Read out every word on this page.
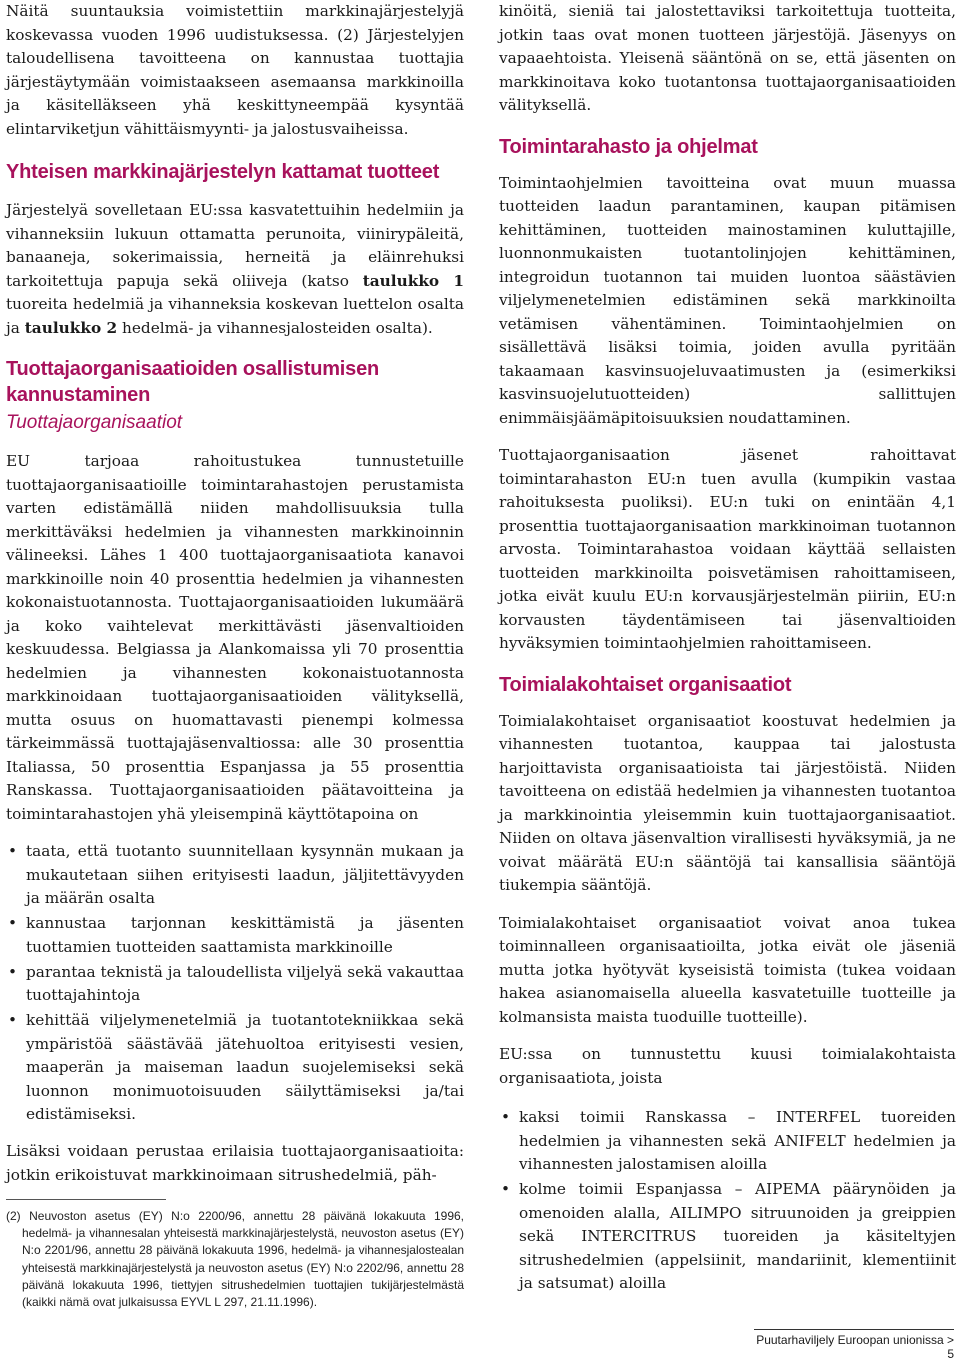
Näitä suuntauksia voimistettiin markkinajärjestelyjä koskevassa vuoden 1996 uudistuksessa. (2) Järjestelyjen taloudellisena tavoitteena on kannustaa tuottajia järjestäytymään voimistaakseen asemaansa markkinoilla ja käsitelläkseen yhä keskittyneempää kysyntää elintarviketjun vähittäismyynti- ja jalostusvaiheissa.

Yhteisen markkinajärjestelyn kattamat tuotteet

Järjestelyä sovelletaan EU:ssa kasvatettuihin hedelmiin ja vihanneksiin lukuun ottamatta perunoita, viinirypäleitä, banaaneja, sokerimaissia, herneitä ja eläinrehuksi tarkoitettuja papuja sekä oliiveja (katso taulukko 1 tuoreita hedelmiä ja vihanneksia koskevan luettelon osalta ja taulukko 2 hedelmä- ja vihannesjalosteiden osalta).

Tuottajaorganisaatioiden osallistumisen kannustaminen
Tuottajaorganisaatiot

EU tarjoaa rahoitustukea tunnustetuille tuottajaorganisaatioille toimintarahastojen perustamista varten edistämällä niiden mahdollisuuksia tulla merkittäväksi hedelmien ja vihannesten markkinoinnin välineeksi. Lähes 1 400 tuottajaorganisaatiota kanavoi markkinoille noin 40 prosenttia hedelmien ja vihannesten kokonaistuotannosta. Tuottajaorganisaatioiden lukumäärä ja koko vaihtelevat merkittävästi jäsenvaltioiden keskuudessa. Belgiassa ja Alankomaissa yli 70 prosenttia hedelmien ja vihannesten kokonaistuotannosta markkinoidaan tuottajaorganisaatioiden välityksellä, mutta osuus on huomattavasti pienempi kolmessa tärkeimmässä tuottajajäsenvaltiossa: alle 30 prosenttia Italiassa, 50 prosenttia Espanjassa ja 55 prosenttia Ranskassa. Tuottajaorganisaatioiden päätavoitteina ja toimintarahastojen yhä yleisempinä käyttötapoina on

• taata, että tuotanto suunnitellaan kysynnän mukaan ja mukautetaan siihen erityisesti laadun, jäljitettävyyden ja määrän osalta
• kannustaa tarjonnan keskittämistä ja jäsenten tuottamien tuotteiden saattamista markkinoille
• parantaa teknistä ja taloudellista viljelyä sekä vakauttaa tuottajahintoja
• kehittää viljelymenetelmiä ja tuotantotekniikkaa sekä ympäristöä säästävää jätehuoltoa erityisesti vesien, maaperän ja maiseman laadun suojelemiseksi sekä luonnon monimuotoisuuden säilyttämiseksi ja/tai edistämiseksi.

Lisäksi voidaan perustaa erilaisia tuottajaorganisaatioita: jotkin erikoistuvat markkinoimaan sitrushedelmiä, päh-

(2) Neuvoston asetus (EY) N:o 2200/96, annettu 28 päivänä lokakuuta 1996, hedelmä- ja vihannesalan yhteisestä markkinajärjestelystä, neuvoston asetus (EY) N:o 2201/96, annettu 28 päivänä lokakuuta 1996, hedelmä- ja vihannesjalostealan yhteisestä markkinajärjestelystä ja neuvoston asetus (EY) N:o 2202/96, annettu 28 päivänä lokakuuta 1996, tiettyjen sitrushedelmien tuottajien tukijärjestelmästä (kaikki nämä ovat julkaisussa EYVL L 297, 21.11.1996).

kinöitä, sieniä tai jalostettaviksi tarkoitettuja tuotteita, jotkin taas ovat monen tuotteen järjestöjä. Jäsenyys on vapaaehtoista. Yleisenä sääntönä on se, että jäsenten on markkinoitava koko tuotantonsa tuottajaorganisaatioiden välityksellä.

Toimintarahasto ja ohjelmat

Toimintaohjelmien tavoitteina ovat muun muassa tuotteiden laadun parantaminen, kaupan pitämisen kehittäminen, tuotteiden mainostaminen kuluttajille, luonnonmukaisten tuotantolinjojen kehittäminen, integroidun tuotannon tai muiden luontoa säästävien viljelymenetelmien edistäminen sekä markkinoilta vetämisen vähentäminen. Toimintaohjelmien on sisällettävä lisäksi toimia, joiden avulla pyritään takaamaan kasvinsuojeluvaatimusten ja (esimerkiksi kasvinsuojelutuotteiden) sallittujen enimmäisjäämäpitoisuuksien noudattaminen.

Tuottajaorganisaation jäsenet rahoittavat toimintarahaston EU:n tuen avulla (kumpikin vastaa rahoituksesta puoliksi). EU:n tuki on enintään 4,1 prosenttia tuottajaorganisaation markkinoiman tuotannon arvosta. Toimintarahastoa voidaan käyttää sellaisten tuotteiden markkinoilta poisvetämisen rahoittamiseen, jotka eivät kuulu EU:n korvausjärjestelmän piiriin, EU:n korvausten täydentämiseen tai jäsenvaltioiden hyväksymien toimintaohjelmien rahoittamiseen.

Toimialakohtaiset organisaatiot

Toimialakohtaiset organisaatiot koostuvat hedelmien ja vihannesten tuotantoa, kauppaa tai jalostusta harjoittavista organisaatioista tai järjestöistä. Niiden tavoitteena on edistää hedelmien ja vihannesten tuotantoa ja markkinointia yleisemmin kuin tuottajaorganisaatiot. Niiden on oltava jäsenvaltion virallisesti hyväksymiä, ja ne voivat määrätä EU:n sääntöjä tai kansallisia sääntöjä tiukempia sääntöjä.

Toimialakohtaiset organisaatiot voivat anoa tukea toiminnalleen organisaatioilta, jotka eivät ole jäseniä mutta jotka hyötyvät kyseisistä toimista (tukea voidaan hakea asianomaisella alueella kasvatetuille tuotteille ja kolmansista maista tuoduille tuotteille).

EU:ssa on tunnustettu kuusi toimialakohtaista organisaatiota, joista

• kaksi toimii Ranskassa – INTERFEL tuoreiden hedelmien ja vihannesten sekä ANIFELT hedelmien ja vihannesten jalostamisen aloilla
• kolme toimii Espanjassa – AIPEMA päärynöiden ja omenoiden alalla, AILIMPO sitruunoiden ja greippien sekä INTERCITRUS tuoreiden ja käsiteltyjen sitrushedelmien (appelsiinit, mandariinit, klementiinit ja satsumat) aloilla
Puutarhaviljely Euroopan unionissa > 5
